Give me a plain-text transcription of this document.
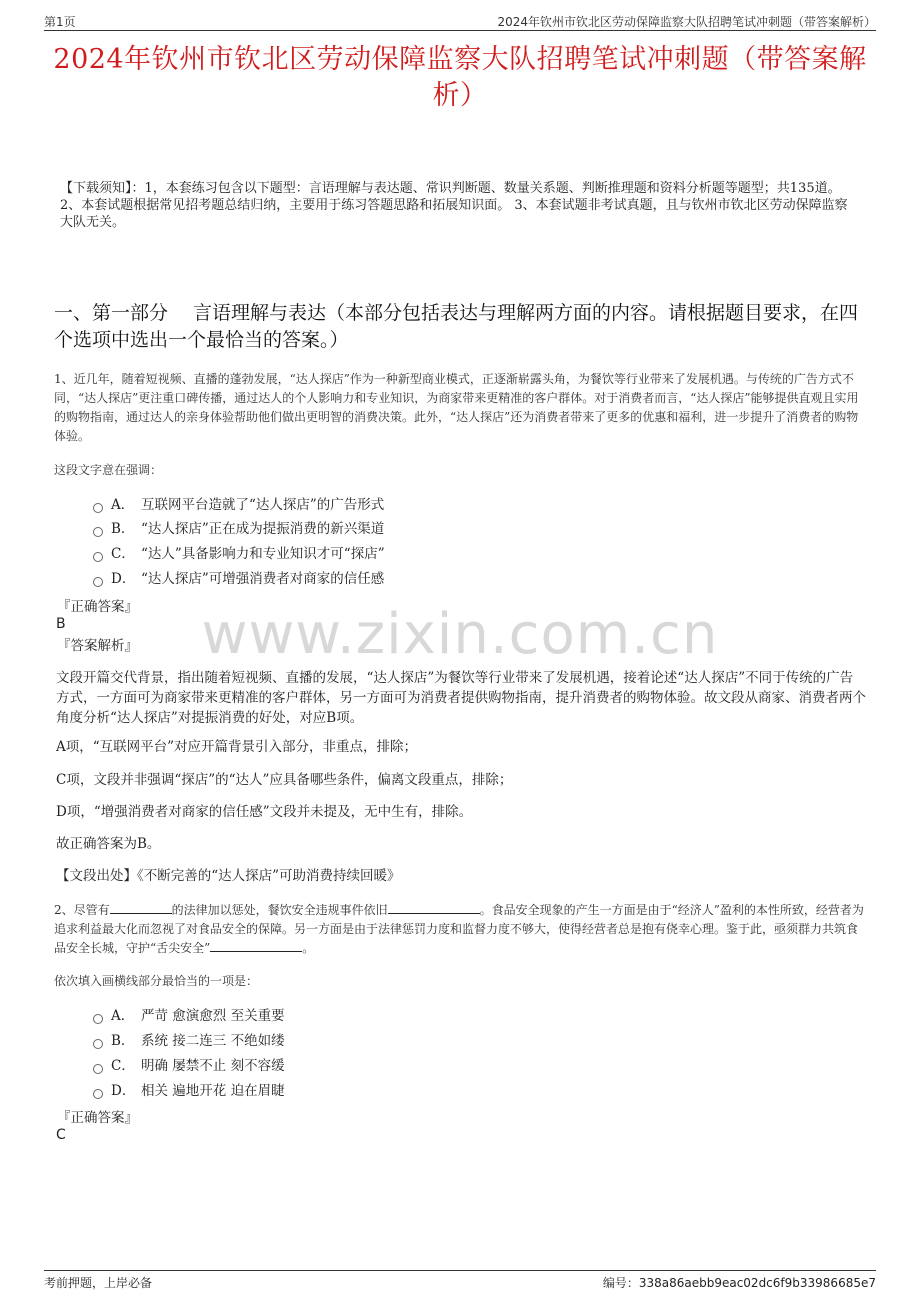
第1页	2024年钦州市钦北区劳动保障监察大队招聘笔试冲刺题（带答案解析）
2024年钦州市钦北区劳动保障监察大队招聘笔试冲刺题（带答案解析）
【下载须知】：1，本套练习包含以下题型：言语理解与表达题、常识判断题、数量关系题、判断推理题和资料分析题等题型；共135道。 2、本套试题根据常见招考题总结归纳，主要用于练习答题思路和拓展知识面。 3、本套试题非考试真题，且与钦州市钦北区劳动保障监察大队无关。
一、第一部分　 言语理解与表达（本部分包括表达与理解两方面的内容。请根据题目要求，在四个选项中选出一个最恰当的答案。）
www.zixin.com.cn
1、近几年，随着短视频、直播的蓬勃发展，“达人探店”作为一种新型商业模式，正逐渐崭露头角，为餐饮等行业带来了发展机遇。与传统的广告方式不同，“达人探店”更注重口碑传播，通过达人的个人影响力和专业知识，为商家带来更精准的客户群体。对于消费者而言，“达人探店”能够提供直观且实用的购物指南，通过达人的亲身体验帮助他们做出更明智的消费决策。此外，“达人探店”还为消费者带来了更多的优惠和福利，进一步提升了消费者的购物体验。
这段文字意在强调：
A． 互联网平台造就了“达人探店”的广告形式
B． “达人探店”正在成为提振消费的新兴渠道
C． “达人”具备影响力和专业知识才可“探店”
D． “达人探店”可增强消费者对商家的信任感
『正确答案』
B
『答案解析』
文段开篇交代背景，指出随着短视频、直播的发展，“达人探店”为餐饮等行业带来了发展机遇，接着论述“达人探店”不同于传统的广告方式，一方面可为商家带来更精准的客户群体，另一方面可为消费者提供购物指南，提升消费者的购物体验。故文段从商家、消费者两个角度分析“达人探店”对提振消费的好处，对应B项。
A项，“互联网平台”对应开篇背景引入部分，非重点，排除；
C项，文段并非强调“探店”的“达人”应具备哪些条件，偏离文段重点，排除；
D项，“增强消费者对商家的信任感”文段并未提及，无中生有，排除。
故正确答案为B。
【文段出处】《不断完善的“达人探店”可助消费持续回暖》
2、尽管有	的法律加以惩处，餐饮安全违规事件依旧	。食品安全现象的产生一方面是由于“经济人”盈利的本性所致，经营者为追求利益最大化而忽视了对食品安全的保障。另一方面是由于法律惩罚力度和监督力度不够大，使得经营者总是抱有侥幸心理。鉴于此，亟须群力共筑食品安全长城，守护“舌尖安全”	。
依次填入画横线部分最恰当的一项是：
A． 严苛 愈演愈烈 至关重要
B． 系统 接二连三 不绝如缕
C． 明确 屡禁不止 刻不容缓
D． 相关 遍地开花 迫在眉睫
『正确答案』
C
考前押题，上岸必备	编号：338a86aebb9eac02dc6f9b33986685e7
